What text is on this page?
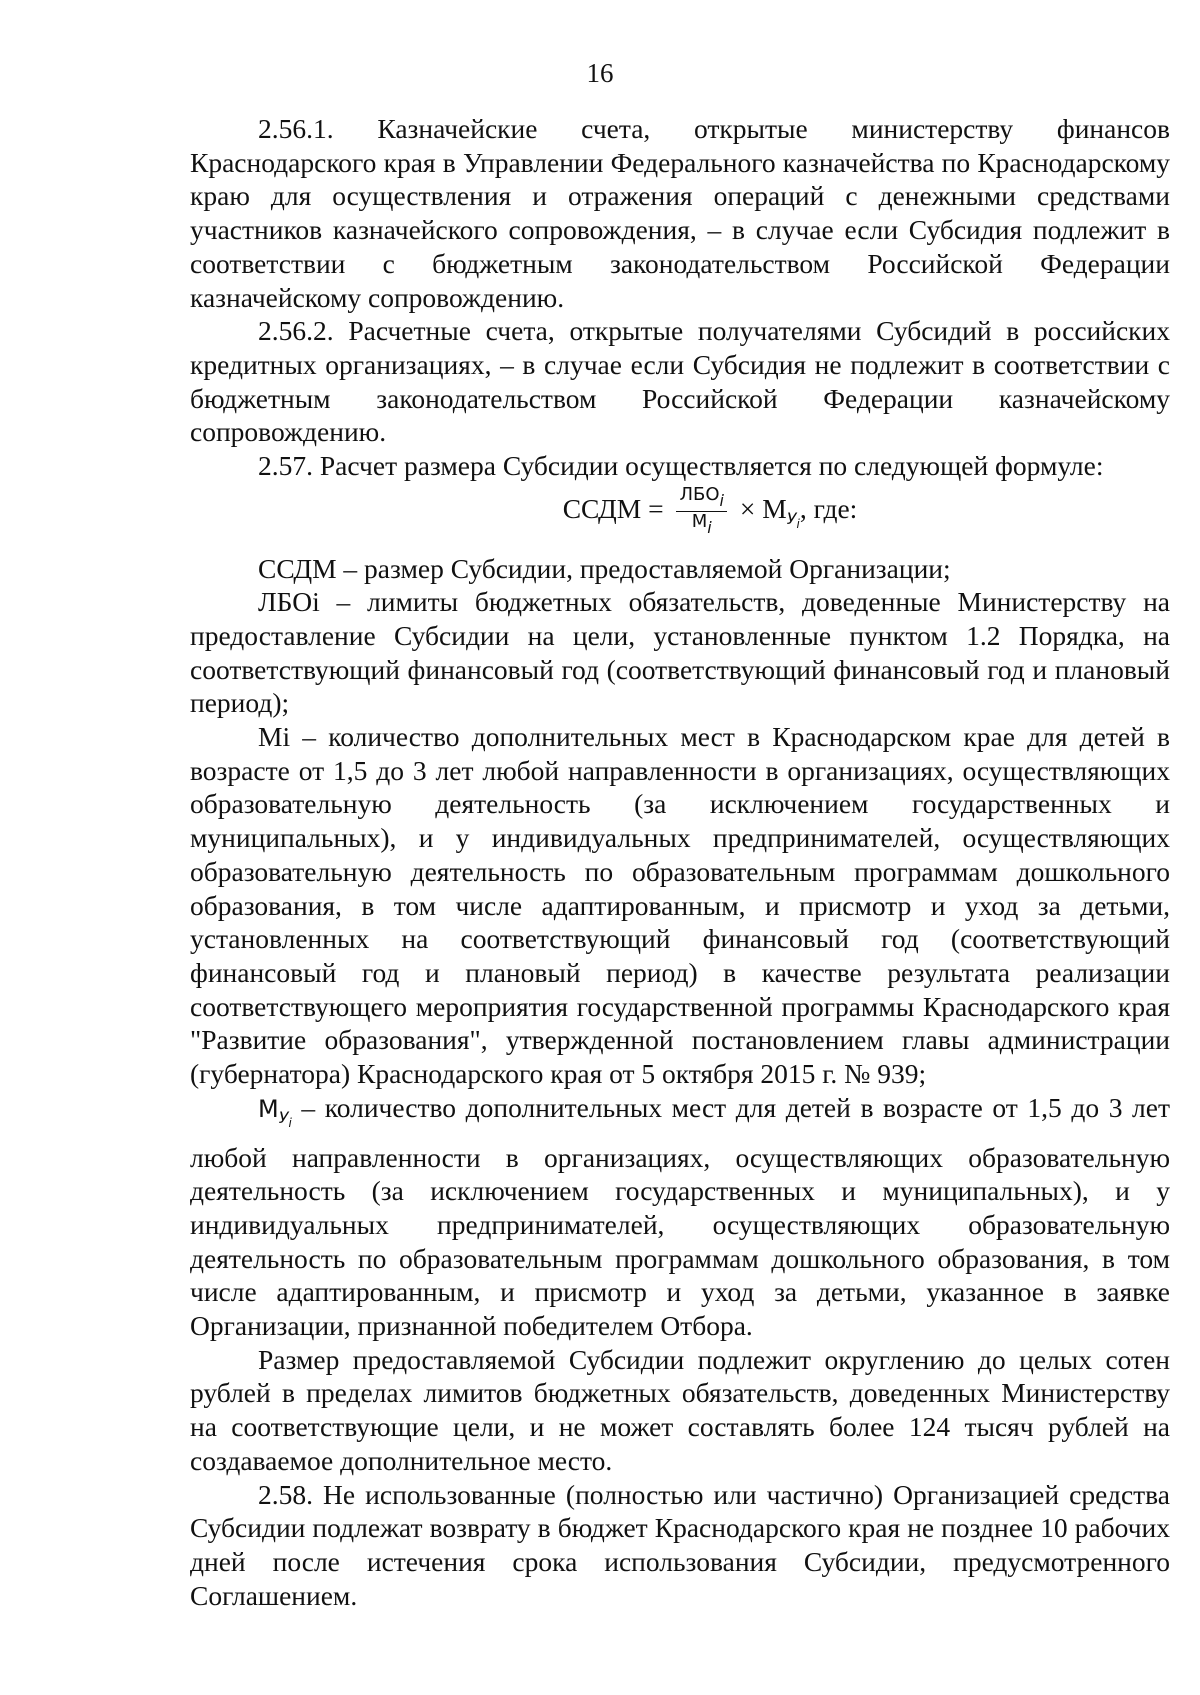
16

2.56.1. Казначейские счета, открытые министерству финансов Краснодарского края в Управлении Федерального казначейства по Краснодарскому краю для осуществления и отражения операций с денежными средствами участников казначейского сопровождения, – в случае если Субсидия подлежит в соответствии с бюджетным законодательством Российской Федерации казначейскому сопровождению.

2.56.2. Расчетные счета, открытые получателями Субсидий в российских кредитных организациях, – в случае если Субсидия не подлежит в соответствии с бюджетным законодательством Российской Федерации казначейскому сопровождению.

2.57. Расчет размера Субсидии осуществляется по следующей формуле:

ССДМ = $\frac{\text{ЛБОi}}{Мi} \times М_{Уi}$, где:

ССДМ – размер Субсидии, предоставляемой Организации;

ЛБОi – лимиты бюджетных обязательств, доведенные Министерству на предоставление Субсидии на цели, установленные пунктом 1.2 Порядка, на соответствующий финансовый год (соответствующий финансовый год и плановый период);

Mi – количество дополнительных мест в Краснодарском крае для детей в возрасте от 1,5 до 3 лет любой направленности в организациях, осуществляющих образовательную деятельность (за исключением государственных и муниципальных), и у индивидуальных предпринимателей, осуществляющих образовательную деятельность по образовательным программам дошкольного образования, в том числе адаптированным, и присмотр и уход за детьми, установленных на соответствующий финансовый год (соответствующий финансовый год и плановый период) в качестве результата реализации соответствующего мероприятия государственной программы Краснодарского края "Развитие образования", утвержденной постановлением главы администрации (губернатора) Краснодарского края от 5 октября 2015 г. № 939;

$М_{Уi}$ – количество дополнительных мест для детей в возрасте от 1,5 до 3 лет любой направленности в организациях, осуществляющих образовательную деятельность (за исключением государственных и муниципальных), и у индивидуальных предпринимателей, осуществляющих образовательную деятельность по образовательным программам дошкольного образования, в том числе адаптированным, и присмотр и уход за детьми, указанное в заявке Организации, признанной победителем Отбора.

Размер предоставляемой Субсидии подлежит округлению до целых сотен рублей в пределах лимитов бюджетных обязательств, доведенных Министерству на соответствующие цели, и не может составлять более 124 тысяч рублей на создаваемое дополнительное место.

2.58. Не использованные (полностью или частично) Организацией средства Субсидии подлежат возврату в бюджет Краснодарского края не позднее 10 рабочих дней после истечения срока использования Субсидии, предусмотренного Соглашением.
